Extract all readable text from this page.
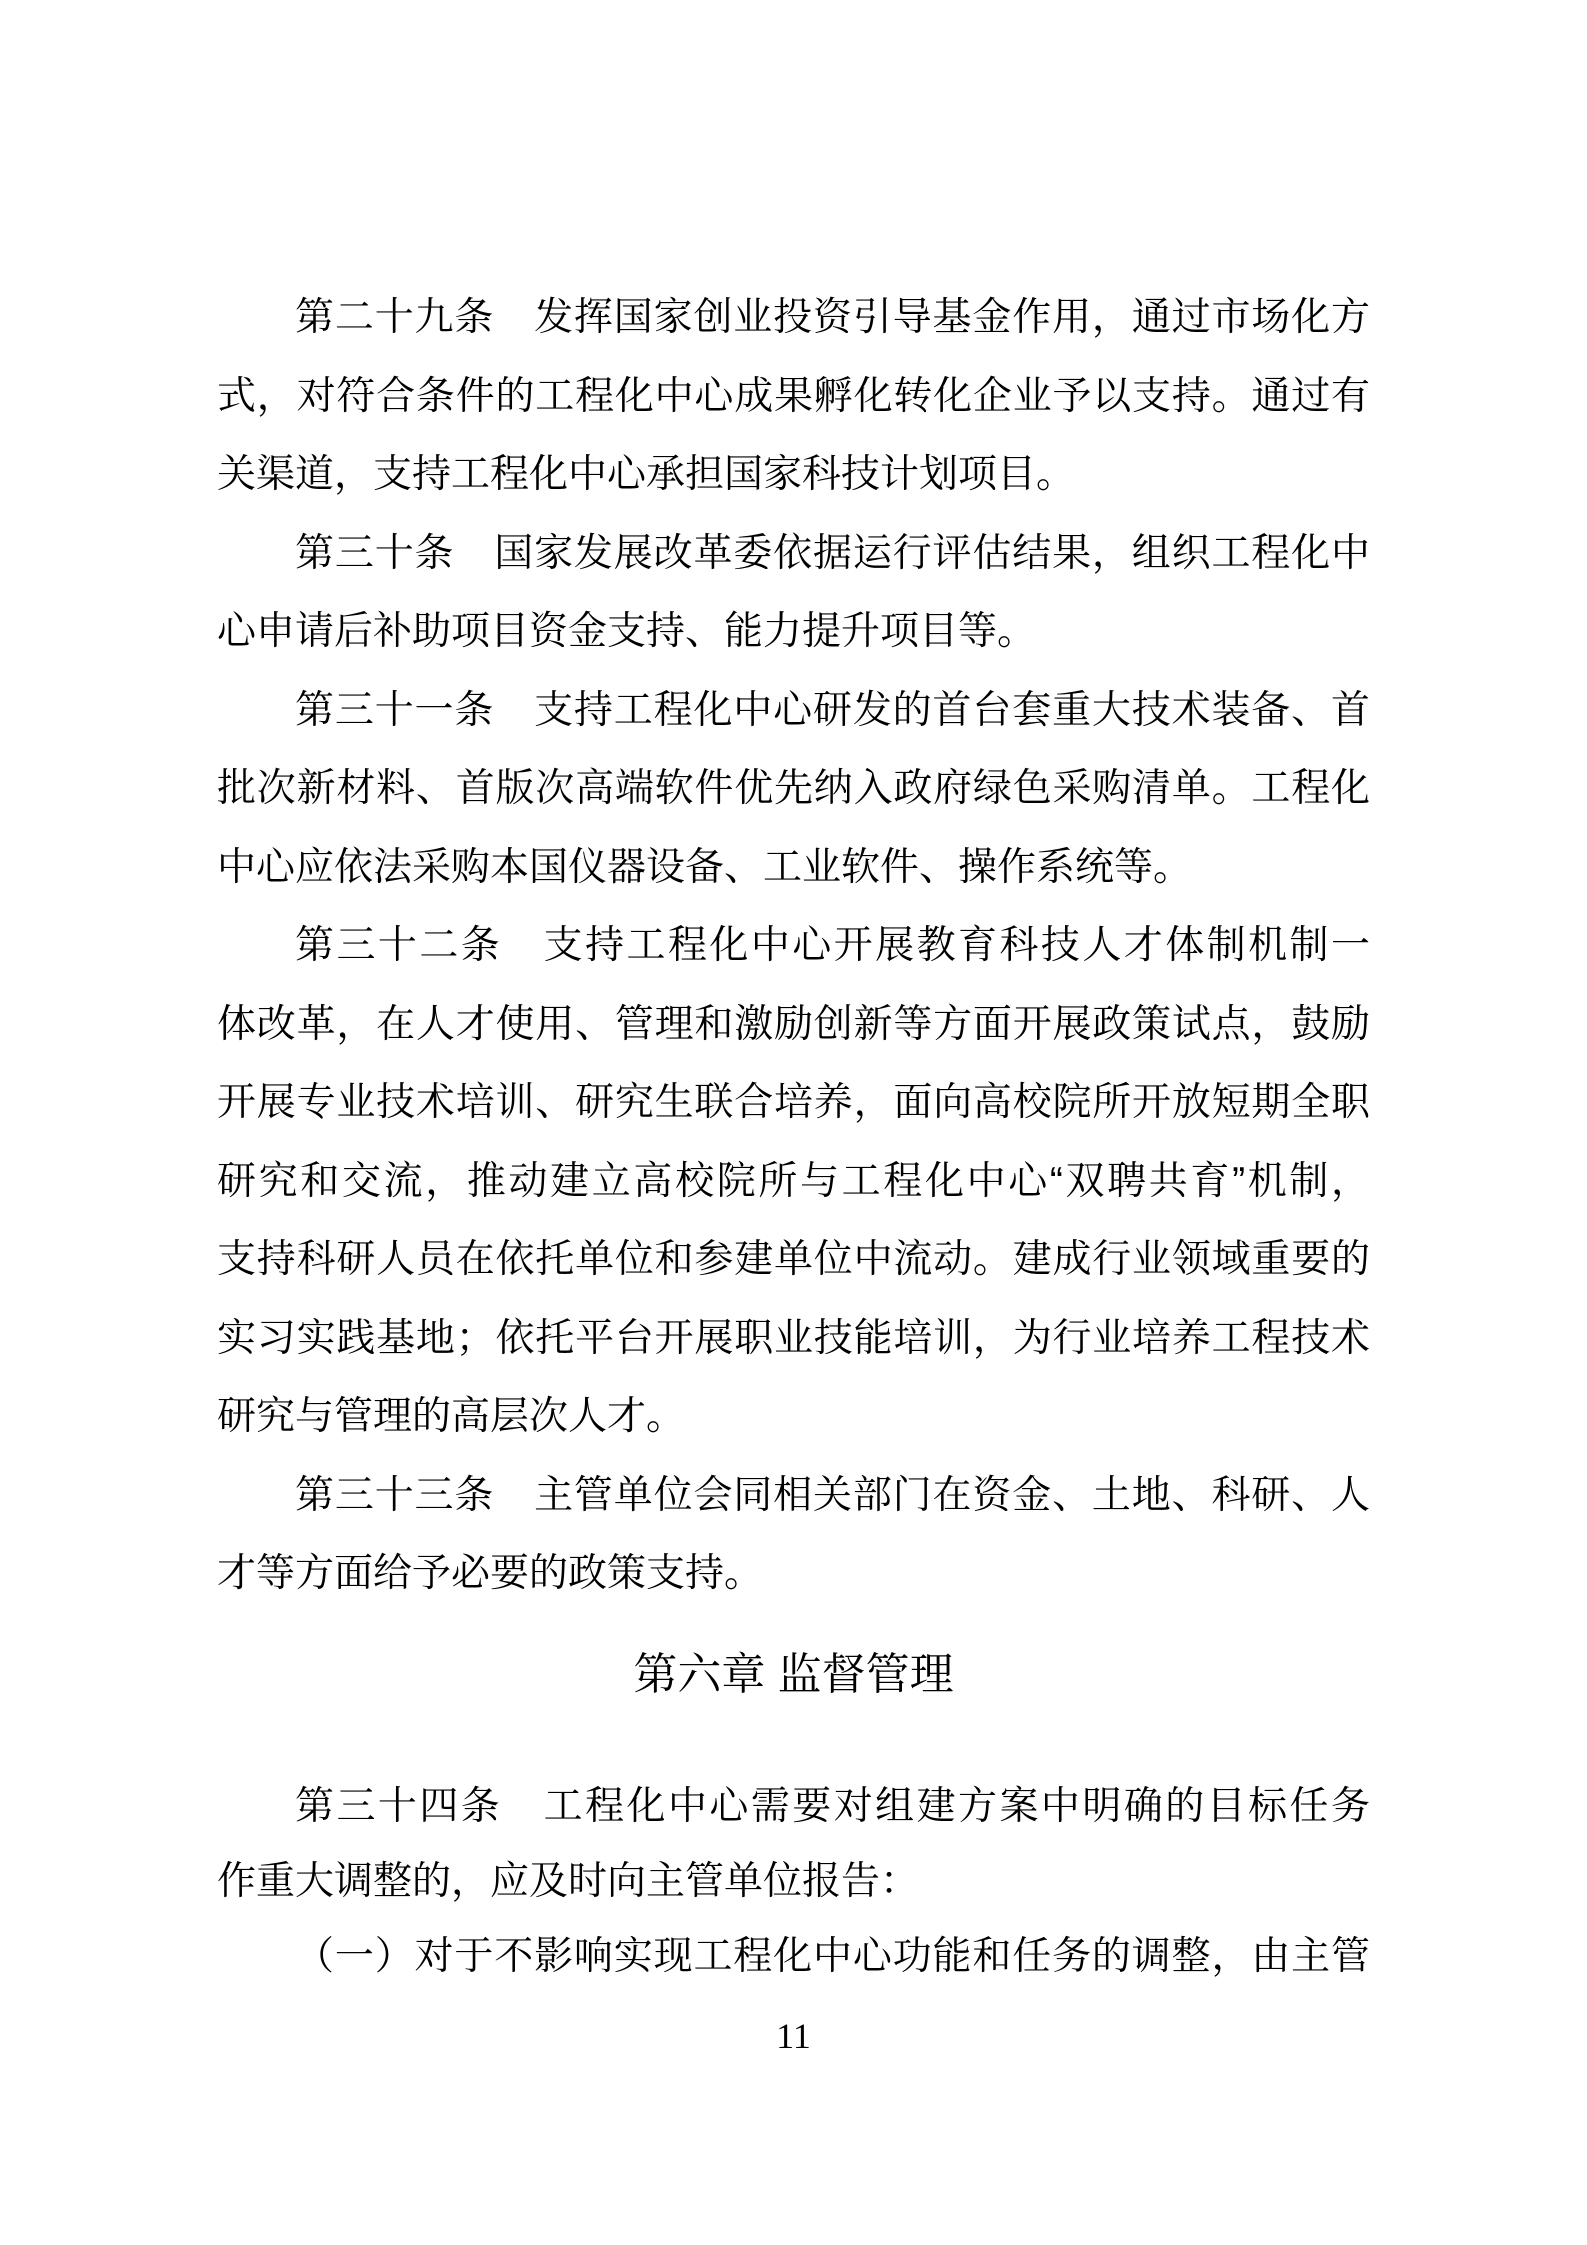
第二十九条　发挥国家创业投资引导基金作用，通过市场化方
式，对符合条件的工程化中心成果孵化转化企业予以支持。通过有
关渠道，支持工程化中心承担国家科技计划项目。
第三十条　国家发展改革委依据运行评估结果，组织工程化中
心申请后补助项目资金支持、能力提升项目等。
第三十一条　支持工程化中心研发的首台套重大技术装备、首
批次新材料、首版次高端软件优先纳入政府绿色采购清单。工程化
中心应依法采购本国仪器设备、工业软件、操作系统等。
第三十二条　支持工程化中心开展教育科技人才体制机制一
体改革，在人才使用、管理和激励创新等方面开展政策试点，鼓励
开展专业技术培训、研究生联合培养，面向高校院所开放短期全职
研究和交流，推动建立高校院所与工程化中心“双聘共育”机制，
支持科研人员在依托单位和参建单位中流动。建成行业领域重要的
实习实践基地；依托平台开展职业技能培训，为行业培养工程技术
研究与管理的高层次人才。
第三十三条　主管单位会同相关部门在资金、土地、科研、人
才等方面给予必要的政策支持。
第六章 监督管理
第三十四条　工程化中心需要对组建方案中明确的目标任务
作重大调整的，应及时向主管单位报告：
（一）对于不影响实现工程化中心功能和任务的调整，由主管
11
